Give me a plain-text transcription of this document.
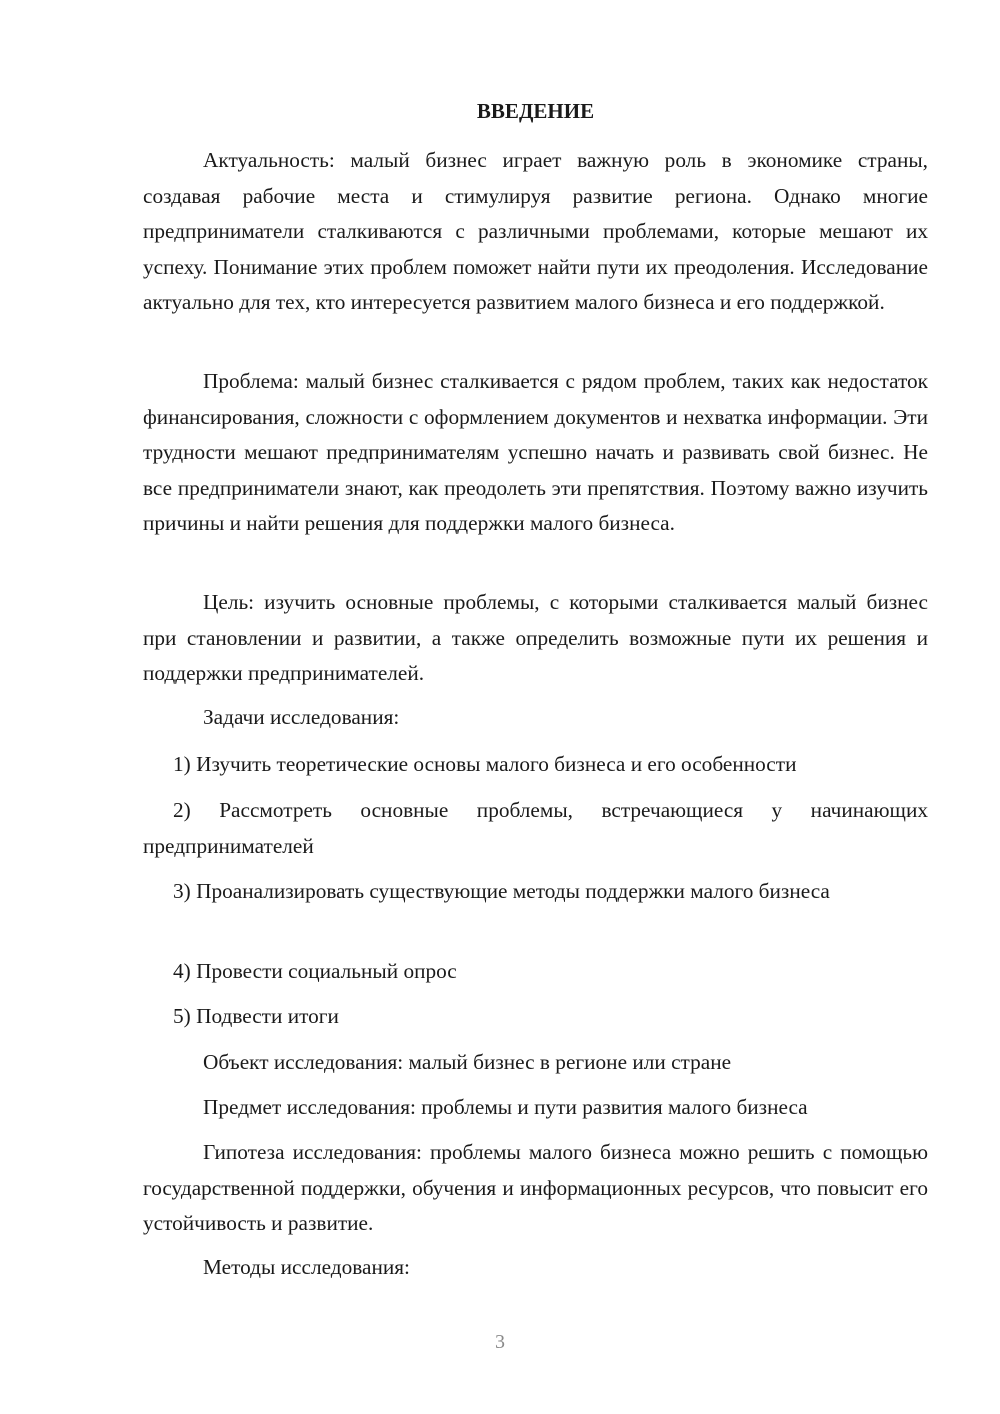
ВВЕДЕНИЕ

Актуальность: малый бизнес играет важную роль в экономике страны, создавая рабочие места и стимулируя развитие региона. Однако многие предприниматели сталкиваются с различными проблемами, которые мешают их успеху. Понимание этих проблем поможет найти пути их преодоления. Исследование актуально для тех, кто интересуется развитием малого бизнеса и его поддержкой.

Проблема: малый бизнес сталкивается с рядом проблем, таких как недостаток финансирования, сложности с оформлением документов и нехватка информации. Эти трудности мешают предпринимателям успешно начать и развивать свой бизнес. Не все предприниматели знают, как преодолеть эти препятствия. Поэтому важно изучить причины и найти решения для поддержки малого бизнеса.

Цель: изучить основные проблемы, с которыми сталкивается малый бизнес при становлении и развитии, а также определить возможные пути их решения и поддержки предпринимателей.

Задачи исследования:

1) Изучить теоретические основы малого бизнеса и его особенности

2) Рассмотреть основные проблемы, встречающиеся у начинающих предпринимателей

3) Проанализировать существующие методы поддержки малого бизнеса

4) Провести социальный опрос

5) Подвести итоги

Объект исследования: малый бизнес в регионе или стране

Предмет исследования: проблемы и пути развития малого бизнеса

Гипотеза исследования: проблемы малого бизнеса можно решить с помощью государственной поддержки, обучения и информационных ресурсов, что повысит его устойчивость и развитие.

Методы исследования:

3
